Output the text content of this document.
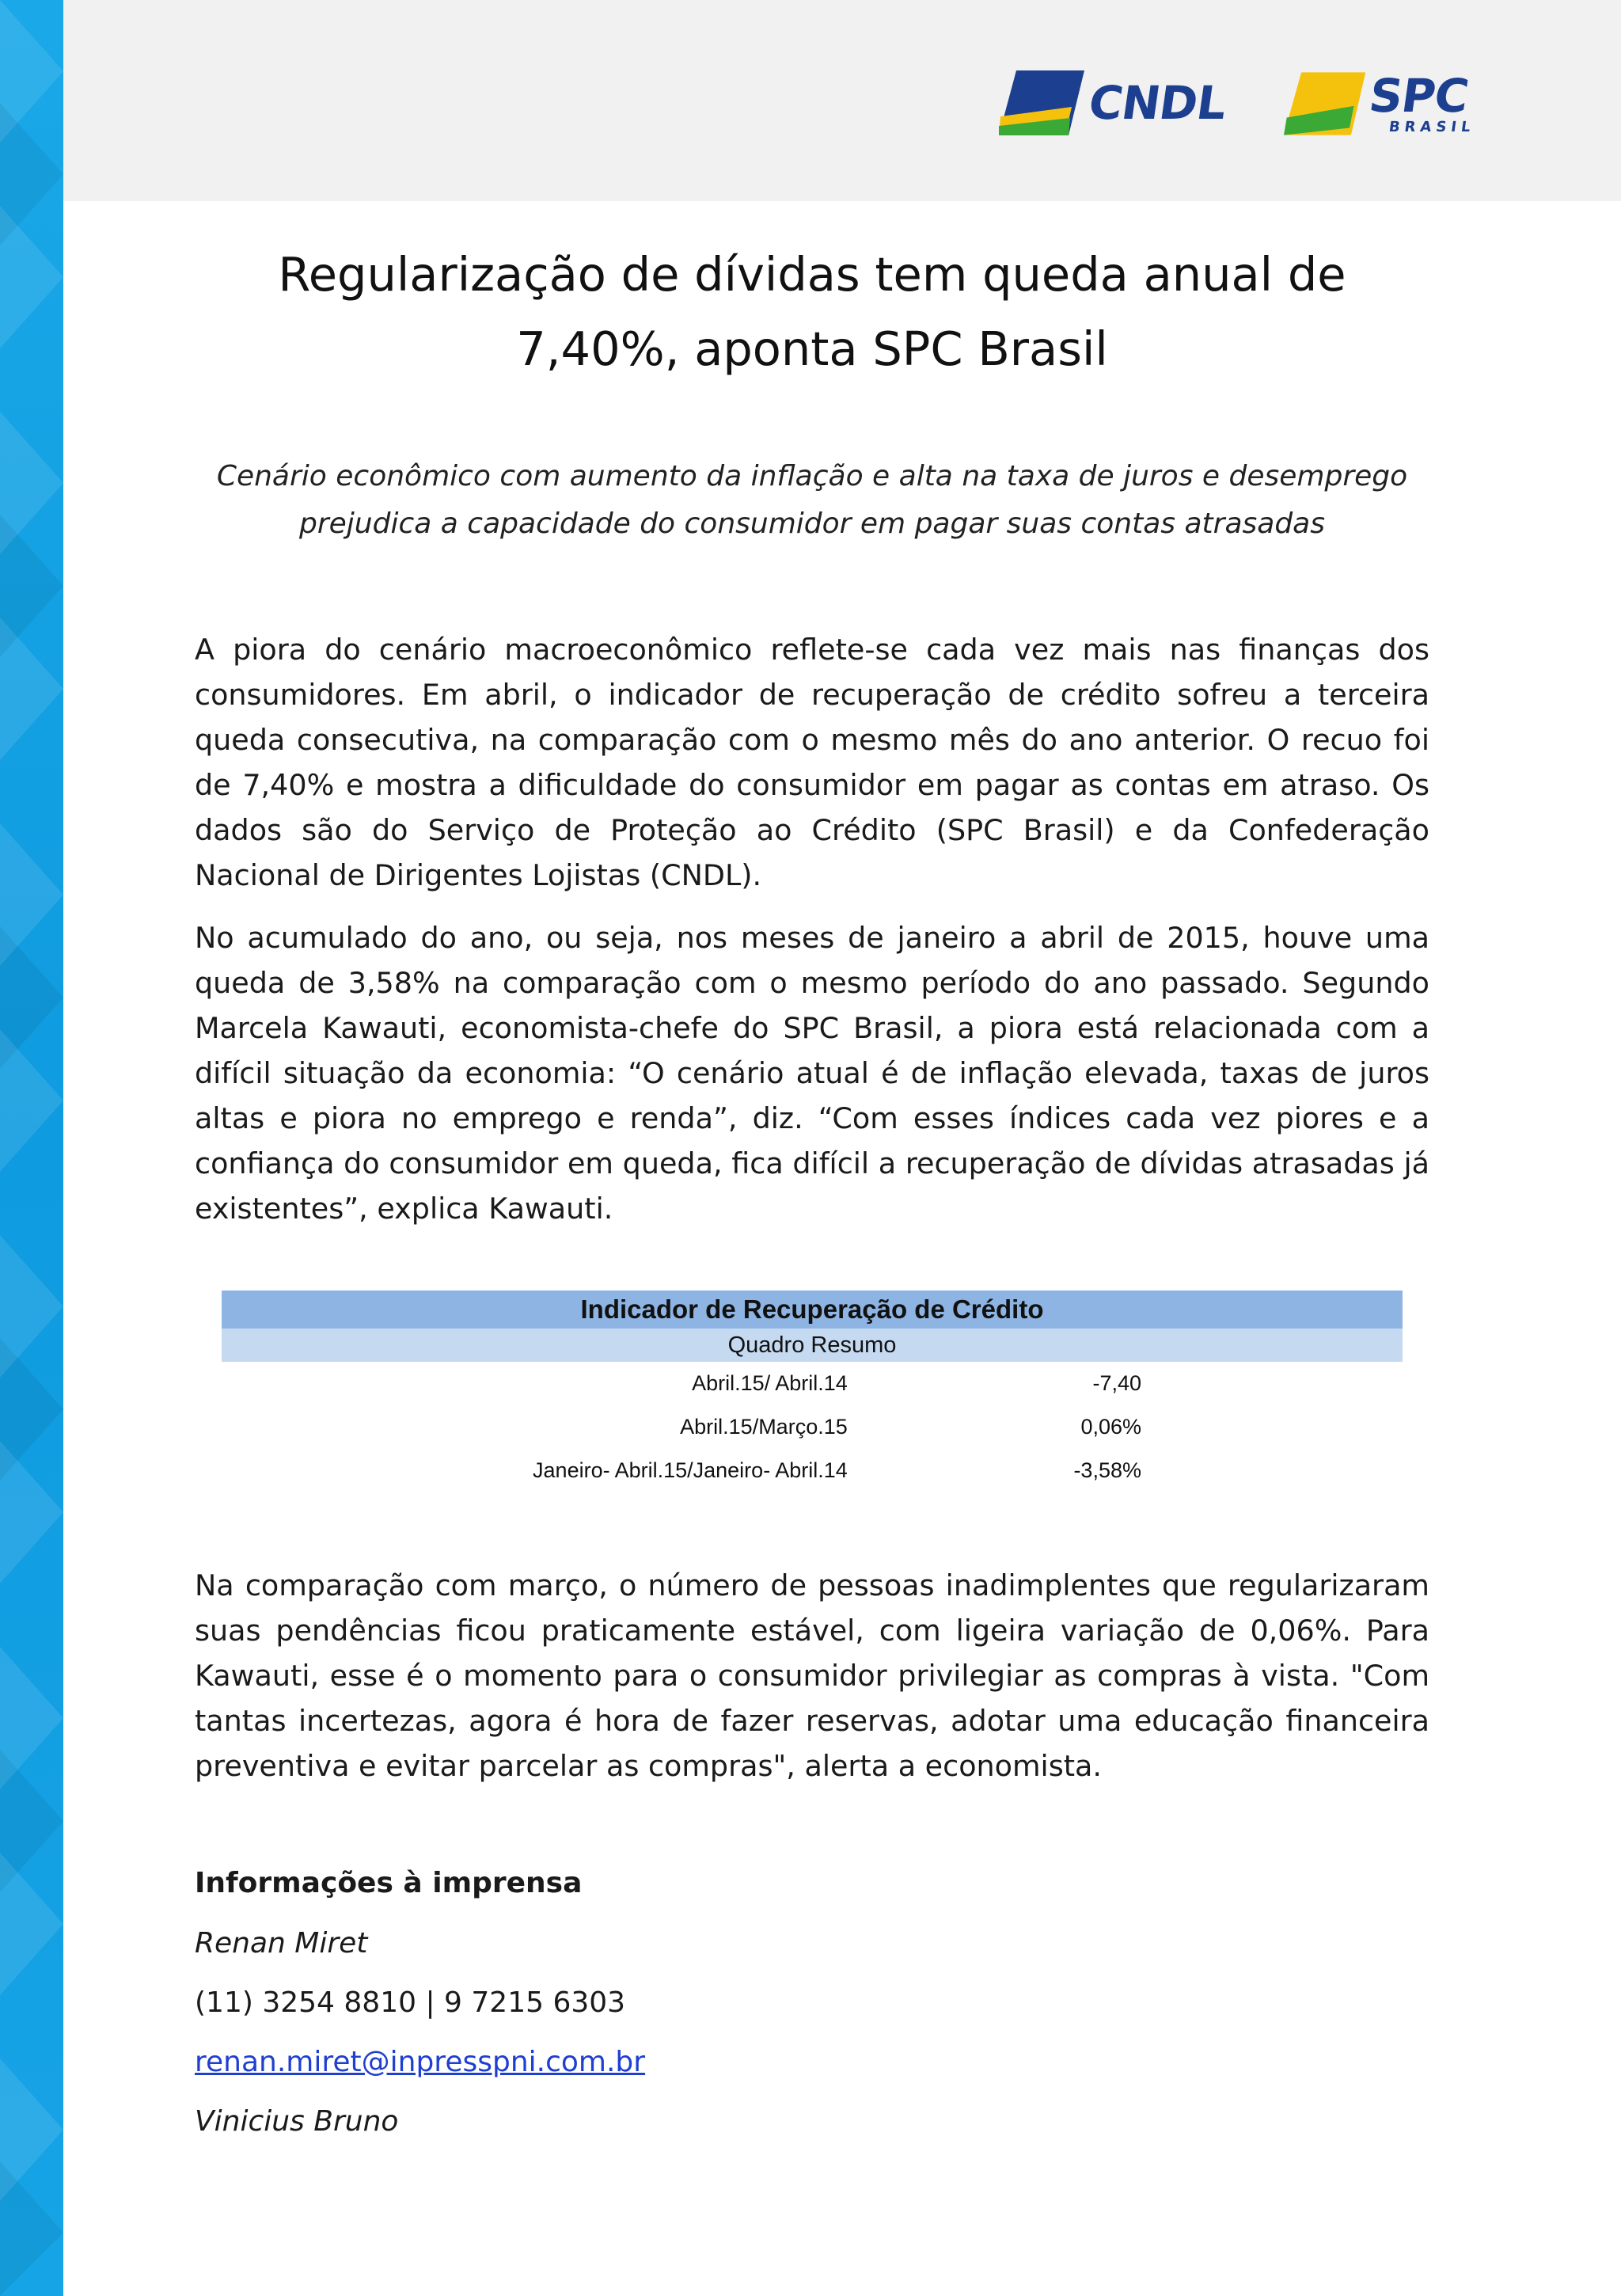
CNDL	SPC
BRASIL
Regularização de dívidas tem queda anual de 7,40%, aponta SPC Brasil

Cenário econômico com aumento da inflação e alta na taxa de juros e desemprego prejudica a capacidade do consumidor em pagar suas contas atrasadas

A piora do cenário macroeconômico reflete-se cada vez mais nas finanças dos consumidores. Em abril, o indicador de recuperação de crédito sofreu a terceira queda consecutiva, na comparação com o mesmo mês do ano anterior. O recuo foi de 7,40% e mostra a dificuldade do consumidor em pagar as contas em atraso. Os dados são do Serviço de Proteção ao Crédito (SPC Brasil) e da Confederação Nacional de Dirigentes Lojistas (CNDL).

No acumulado do ano, ou seja, nos meses de janeiro a abril de 2015, houve uma queda de 3,58% na comparação com o mesmo período do ano passado. Segundo Marcela Kawauti, economista-chefe do SPC Brasil, a piora está relacionada com a difícil situação da economia: “O cenário atual é de inflação elevada, taxas de juros altas e piora no emprego e renda”, diz. “Com esses índices cada vez piores e a confiança do consumidor em queda, fica difícil a recuperação de dívidas atrasadas já existentes”, explica Kawauti.

Indicador de Recuperação de Crédito	
Quadro Resumo	
Abril.15/ Abril.14	-7,40
Abril.15/Março.15	0,06%
Janeiro- Abril.15/Janeiro- Abril.14	-3,58%

Na comparação com março, o número de pessoas inadimplentes que regularizaram suas pendências ficou praticamente estável, com ligeira variação de 0,06%. Para Kawauti, esse é o momento para o consumidor privilegiar as compras à vista. "Com tantas incertezas, agora é hora de fazer reservas, adotar uma educação financeira preventiva e evitar parcelar as compras", alerta a economista.

Informações à imprensa

Renan Miret

(11) 3254 8810 | 9 7215 6303

renan.miret@inpresspni.com.br

Vinicius Bruno
